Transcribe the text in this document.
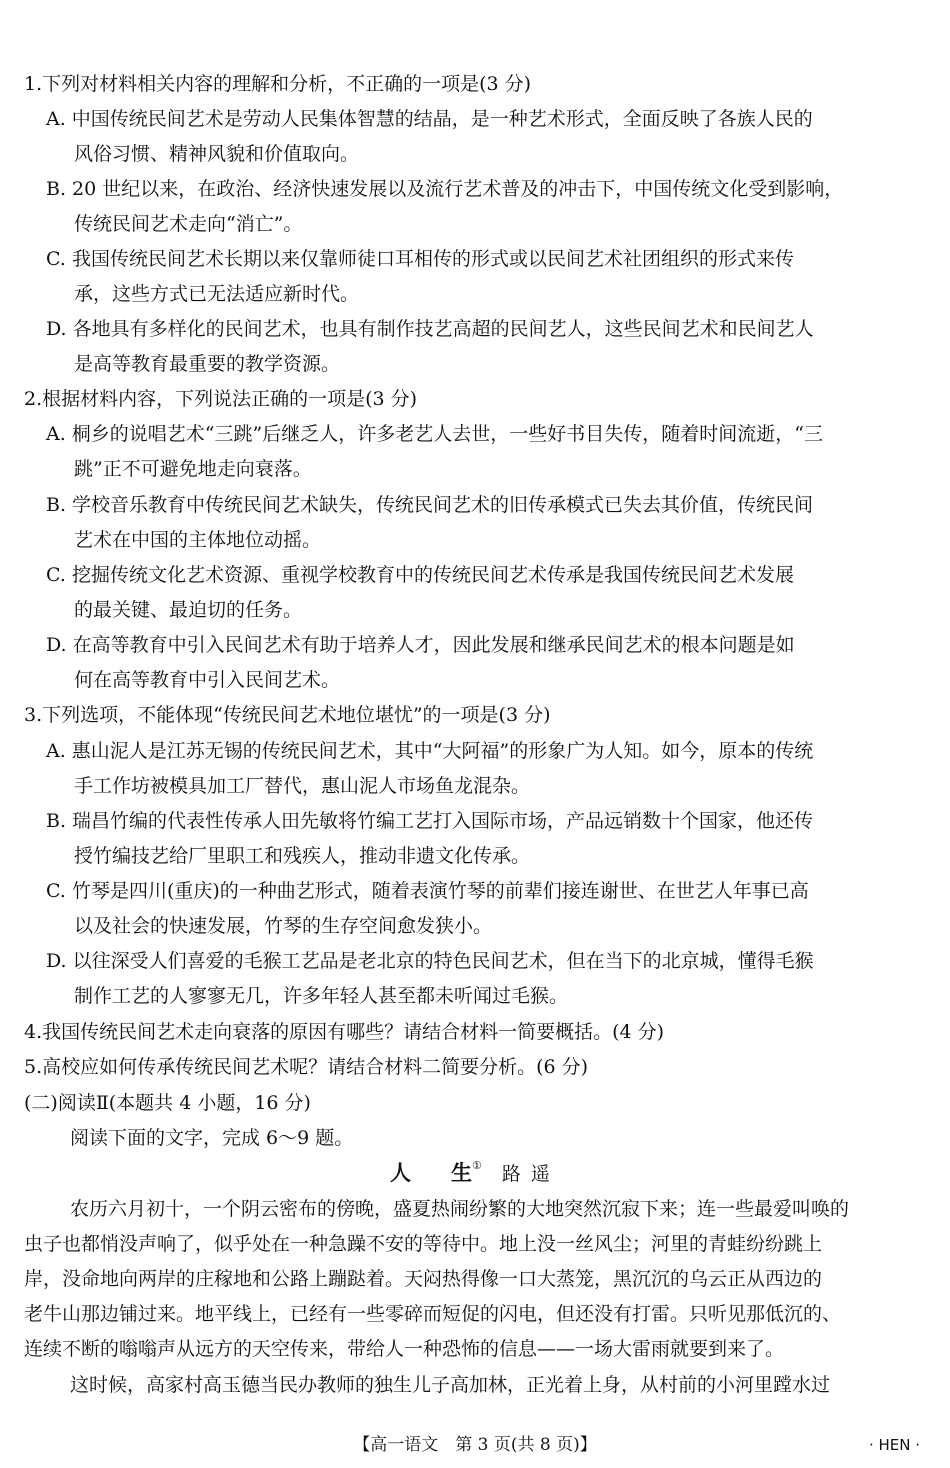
1.下列对材料相关内容的理解和分析，不正确的一项是(3 分)
A. 中国传统民间艺术是劳动人民集体智慧的结晶，是一种艺术形式，全面反映了各族人民的
风俗习惯、精神风貌和价值取向。
B. 20 世纪以来，在政治、经济快速发展以及流行艺术普及的冲击下，中国传统文化受到影响，
传统民间艺术走向“消亡”。
C. 我国传统民间艺术长期以来仅靠师徒口耳相传的形式或以民间艺术社团组织的形式来传
承，这些方式已无法适应新时代。
D. 各地具有多样化的民间艺术，也具有制作技艺高超的民间艺人，这些民间艺术和民间艺人
是高等教育最重要的教学资源。
2.根据材料内容，下列说法正确的一项是(3 分)
A. 桐乡的说唱艺术“三跳”后继乏人，许多老艺人去世，一些好书目失传，随着时间流逝，“三
跳”正不可避免地走向衰落。
B. 学校音乐教育中传统民间艺术缺失，传统民间艺术的旧传承模式已失去其价值，传统民间
艺术在中国的主体地位动摇。
C. 挖掘传统文化艺术资源、重视学校教育中的传统民间艺术传承是我国传统民间艺术发展
的最关键、最迫切的任务。
D. 在高等教育中引入民间艺术有助于培养人才，因此发展和继承民间艺术的根本问题是如
何在高等教育中引入民间艺术。
3.下列选项，不能体现“传统民间艺术地位堪忧”的一项是(3 分)
A. 惠山泥人是江苏无锡的传统民间艺术，其中“大阿福”的形象广为人知。如今，原本的传统
手工作坊被模具加工厂替代，惠山泥人市场鱼龙混杂。
B. 瑞昌竹编的代表性传承人田先敏将竹编工艺打入国际市场，产品远销数十个国家，他还传
授竹编技艺给厂里职工和残疾人，推动非遗文化传承。
C. 竹琴是四川(重庆)的一种曲艺形式，随着表演竹琴的前辈们接连谢世、在世艺人年事已高
以及社会的快速发展，竹琴的生存空间愈发狭小。
D. 以往深受人们喜爱的毛猴工艺品是老北京的特色民间艺术，但在当下的北京城，懂得毛猴
制作工艺的人寥寥无几，许多年轻人甚至都未听闻过毛猴。
4.我国传统民间艺术走向衰落的原因有哪些？请结合材料一简要概括。(4 分)
5.高校应如何传承传统民间艺术呢？请结合材料二简要分析。(6 分)
(二)阅读Ⅱ(本题共 4 小题，16 分)
阅读下面的文字，完成 6～9 题。
人 生① 路遥
农历六月初十，一个阴云密布的傍晚，盛夏热闹纷繁的大地突然沉寂下来；连一些最爱叫唤的
虫子也都悄没声响了，似乎处在一种急躁不安的等待中。地上没一丝风尘；河里的青蛙纷纷跳上
岸，没命地向两岸的庄稼地和公路上蹦跶着。天闷热得像一口大蒸笼，黑沉沉的乌云正从西边的
老牛山那边铺过来。地平线上，已经有一些零碎而短促的闪电，但还没有打雷。只听见那低沉的、
连续不断的嗡嗡声从远方的天空传来，带给人一种恐怖的信息——一场大雷雨就要到来了。
这时候，高家村高玉德当民办教师的独生儿子高加林，正光着上身，从村前的小河里蹚水过
【高一语文　第 3 页(共 8 页)】	· HEN ·
